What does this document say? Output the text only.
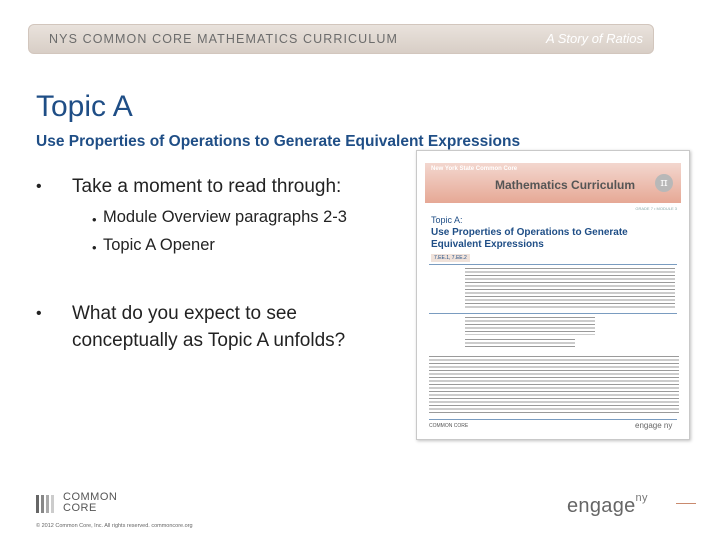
NYS COMMON CORE MATHEMATICS CURRICULUM	A Story of Ratios
Topic A
Use Properties of Operations to Generate Equivalent Expressions
• Take a moment to read through:
• Module Overview paragraphs 2-3
• Topic A Opener
• What do you expect to see
conceptually as Topic A unfolds?
New York State Common Core
Mathematics Curriculum	π
GRADE 7 • MODULE 3
Topic A:
Use Properties of Operations to Generate Equivalent Expressions
7.EE.1, 7.EE.2
COMMON CORE	engage ny
COMMON
CORE
© 2012 Common Core, Inc. All rights reserved. commoncore.org
engage$^{ny}$
